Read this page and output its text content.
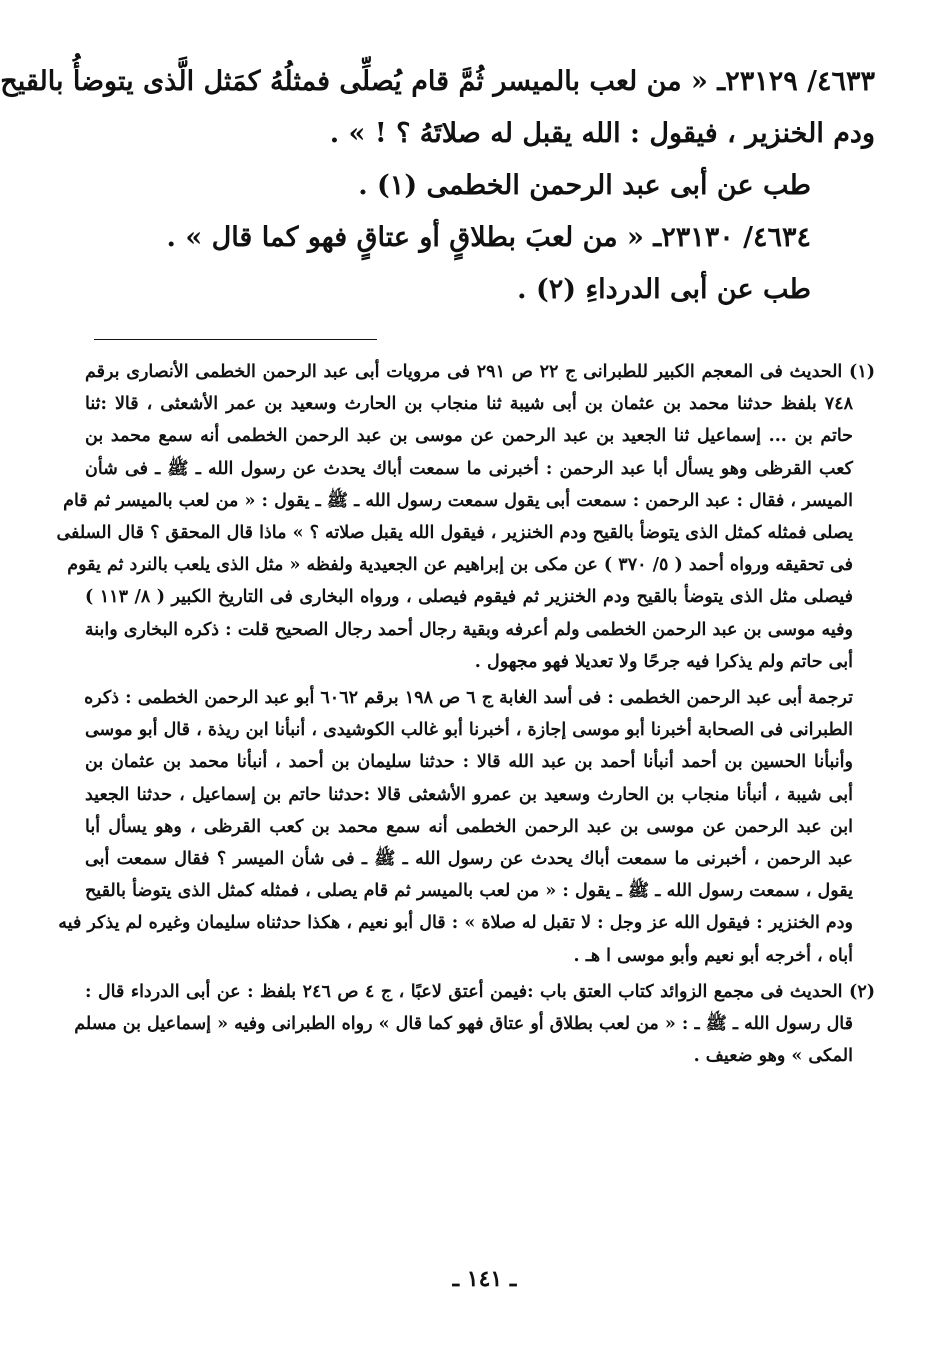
٤٦٣٣/ ٢٣١٢٩ـ « من لعب بالميسر ثُمَّ قام يُصلِّى فمثلُهُ كمَثل الَّذى يتوضأُ بالقيح
ودم الخنزير ، فيقول : الله يقبل له صلاتَهُ ؟ ! » .
طب عن أبى عبد الرحمن الخطمى (١) .
٤٦٣٤/ ٢٣١٣٠ـ « من لعبَ بطلاقٍ أو عتاقٍ فهو كما قال » .
طب عن أبى الدرداءِ (٢) .
(١) الحديث فى المعجم الكبير للطبرانى ج ٢٢ ص ٢٩١ فى مرويات أبى عبد الرحمن الخطمى الأنصارى برقم
٧٤٨ بلفظ حدثنا محمد بن عثمان بن أبى شيبة ثنا منجاب بن الحارث وسعيد بن عمر الأشعثى ، قالا :ثنا
حاتم بن ... إسماعيل ثنا الجعيد بن عبد الرحمن عن موسى بن عبد الرحمن الخطمى أنه سمع محمد بن
كعب القرظى وهو يسأل أبا عبد الرحمن : أخبرنى ما سمعت أباك يحدث عن رسول الله ـ ﷺ ـ فى شأن
الميسر ، فقال : عبد الرحمن : سمعت أبى يقول سمعت رسول الله ـ ﷺ ـ يقول : « من لعب بالميسر ثم قام
يصلى فمثله كمثل الذى يتوضأ بالقيح ودم الخنزير ، فيقول الله يقبل صلاته ؟ » ماذا قال المحقق ؟ قال السلفى
فى تحقيقه ورواه أحمد ( ٥/ ٣٧٠ ) عن مكى بن إبراهيم عن الجعيدية ولفظه « مثل الذى يلعب بالنرد ثم يقوم
فيصلى مثل الذى يتوضأ بالقيح ودم الخنزير ثم فيقوم فيصلى ، ورواه البخارى فى التاريخ الكبير ( ٨/ ١١٣ )
وفيه موسى بن عبد الرحمن الخطمى ولم أعرفه وبقية رجال أحمد رجال الصحيح قلت : ذكره البخارى وابنة
أبى حاتم ولم يذكرا فيه جرحًا ولا تعديلا فهو مجهول .
ترجمة أبى عبد الرحمن الخطمى : فى أسد الغابة ج ٦ ص ١٩٨ برقم ٦٠٦٢ أبو عبد الرحمن الخطمى : ذكره
الطبرانى فى الصحابة أخبرنا أبو موسى إجازة ، أخبرنا أبو غالب الكوشيدى ، أنبأنا ابن ريذة ، قال أبو موسى
وأنبأنا الحسين بن أحمد أنبأنا أحمد بن عبد الله قالا : حدثنا سليمان بن أحمد ، أنبأنا محمد بن عثمان بن
أبى شيبة ، أنبأنا منجاب بن الحارث وسعيد بن عمرو الأشعثى قالا :حدثنا حاتم بن إسماعيل ، حدثنا الجعيد
ابن عبد الرحمن عن موسى بن عبد الرحمن الخطمى أنه سمع محمد بن كعب القرظى ، وهو يسأل أبا
عبد الرحمن ، أخبرنى ما سمعت أباك يحدث عن رسول الله ـ ﷺ ـ فى شأن الميسر ؟ فقال سمعت أبى
يقول ، سمعت رسول الله ـ ﷺ ـ يقول : « من لعب بالميسر ثم قام يصلى ، فمثله كمثل الذى يتوضأ بالقيح
ودم الخنزير : فيقول الله عز وجل : لا تقبل له صلاة » : قال أبو نعيم ، هكذا حدثناه سليمان وغيره لم يذكر فيه
أباه ، أخرجه أبو نعيم وأبو موسى ا هـ .
(٢) الحديث فى مجمع الزوائد كتاب العتق باب :فيمن أعتق لاعبًا ، ج ٤ ص ٢٤٦ بلفظ : عن أبى الدرداء قال :
قال رسول الله ـ ﷺ ـ : « من لعب بطلاق أو عتاق فهو كما قال » رواه الطبرانى وفيه « إسماعيل بن مسلم
المكى » وهو ضعيف .
ـ ١٤١ ـ
